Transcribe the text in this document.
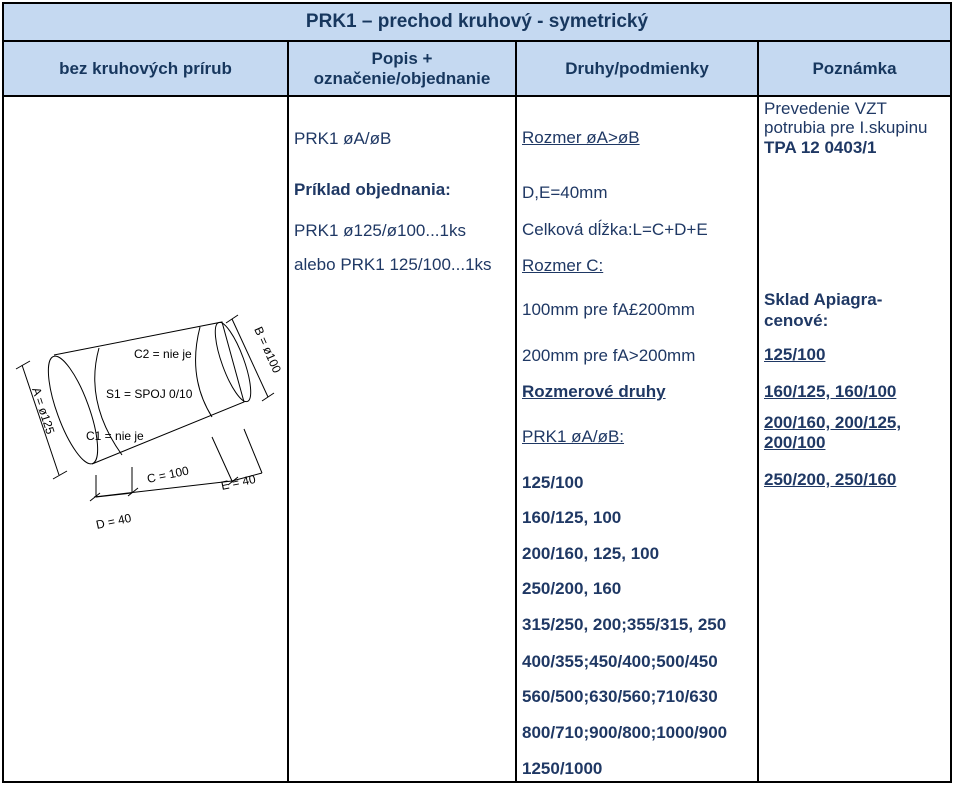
PRK1 – prechod kruhový - symetrický
bez kruhových prírub
Popis +
označenie/objednanie
Druhy/podmienky	Poznámka
C2 = nie je
S1 = SPOJ 0/10
C1 = nie je
A = ø125
B = ø100
C = 100
D = 40
E = 40
PRK1 øA/øB
Príklad objednania:
PRK1 ø125/ø100...1ks
alebo PRK1 125/100...1ks
Rozmer øA>øB
D,E=40mm
Celková dĺžka:L=C+D+E
Rozmer C:
100mm pre fA£200mm
200mm pre fA>200mm
Rozmerové druhy
PRK1 øA/øB:
125/100
160/125, 100
200/160, 125, 100
250/200, 160
315/250, 200;355/315, 250
400/355;450/400;500/450
560/500;630/560;710/630
800/710;900/800;1000/900
1250/1000
Prevedenie VZT
potrubia pre I.skupinu
TPA 12 0403/1
Sklad Apiagra-
cenové:
125/100
160/125, 160/100
200/160, 200/125,
200/100
250/200, 250/160
